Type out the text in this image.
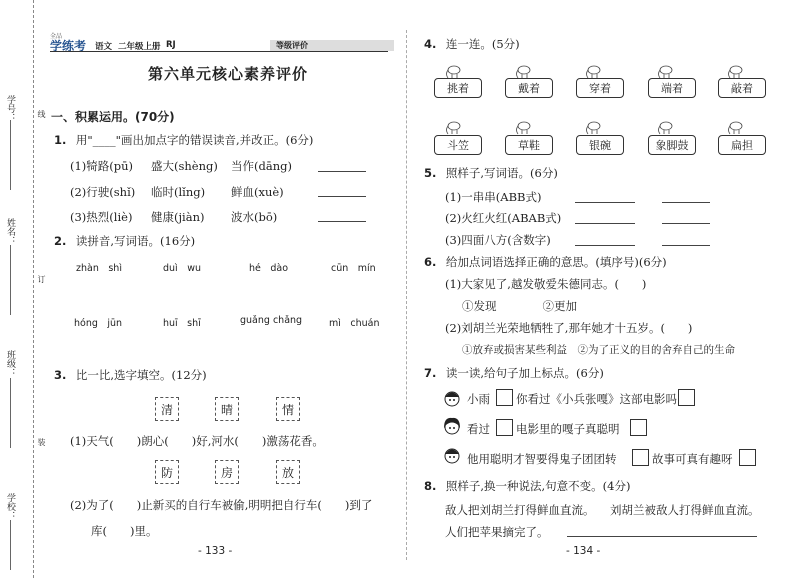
学号：
姓名：
班级：
学校：
线
订
装
全品
学练考 语文 二年级上册 RJ	等级评价
第六单元核心素养评价
一、积累运用。(70分)
1. 用"____"画出加点字的错误读音,并改正。(6分)
(1)犄路(pū) 盛大(shèng) 当作(dāng)
(2)行驶(shǐ) 临时(lǐng) 鲜血(xuè)
(3)热烈(liè) 健康(jiàn) 波水(bō)
2. 读拼音,写词语。(16分)
zhàn　shì	duì　wu	hé　dào	cūn　mín
hóng　jūn	huī　shī	guǎng chǎng	mì　chuán
3. 比一比,选字填空。(12分)
清	晴	情
(1)天气(　　)朗心(　　)好,河水(　　)激荡花香。
防	房	放
(2)为了(　　)止新买的自行车被偷,明明把自行车(　　)到了
库(　　)里。
- 133 -
4. 连一连。(5分)
挑着	戴着	穿着	端着	敲着
斗笠	草鞋	银碗	象脚鼓	扁担
5. 照样子,写词语。(6分)
(1)一串串(ABB式)
(2)火红火红(ABAB式)
(3)四面八方(含数字)
6. 给加点词语选择正确的意思。(填序号)(6分)
(1)大家见了,越发敬爱朱德同志。(　　)
①发现　　　　②更加
(2)刘胡兰光荣地牺牲了,那年她才十五岁。(　　)
①放弃或损害某些利益　②为了正义的目的舍弃自己的生命
7. 读一读,给句子加上标点。(6分)
小雨 你看过《小兵张嘎》这部电影吗
看过 电影里的嘎子真聪明
他用聪明才智要得鬼子团团转	故事可真有趣呀
8. 照样子,换一种说法,句意不变。(4分)
敌人把刘胡兰打得鲜血直流。 刘胡兰被敌人打得鲜血直流。
人们把苹果摘完了。
- 134 -
